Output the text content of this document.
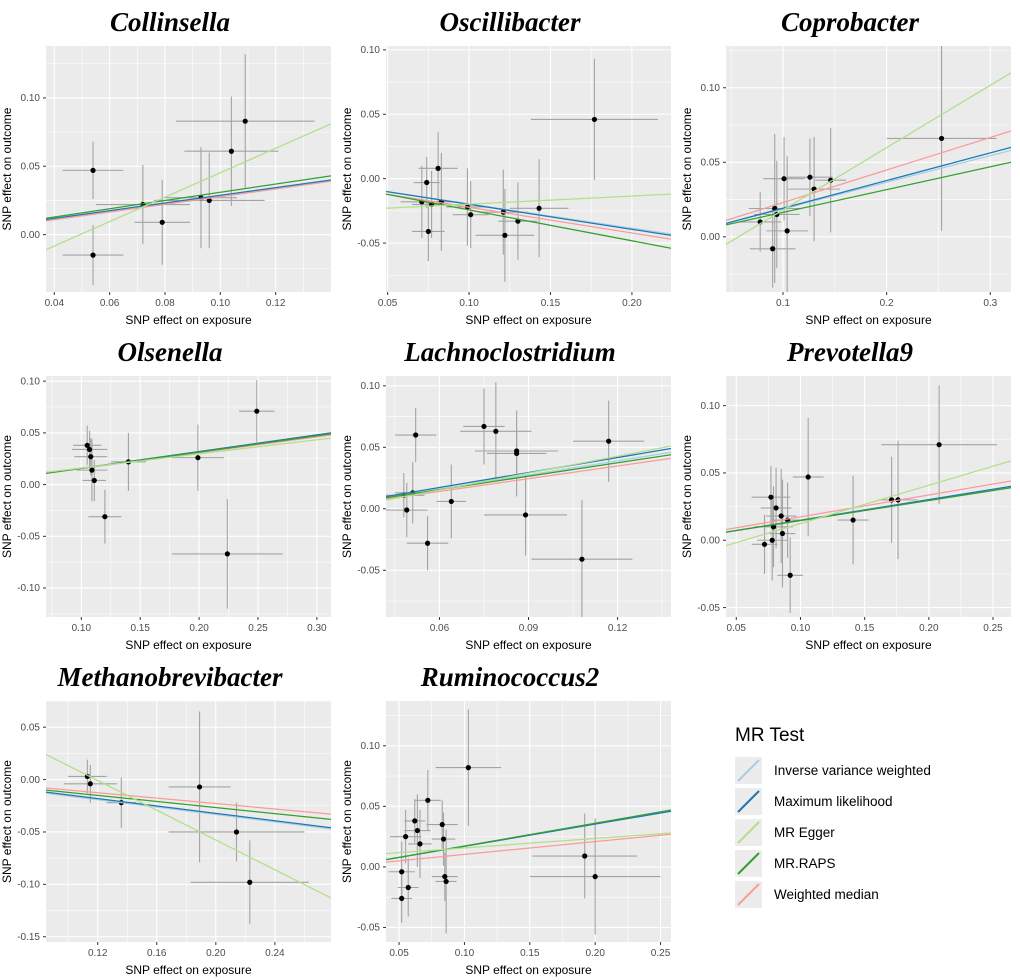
Collinsella
0.04	0.06	0.08	0.10	0.12
0.00
0.05
0.10
SNP effect on exposure
SNP effect on outcome
Oscillibacter
0.05	0.10	0.15	0.20
-0.05
0.00
0.05
0.10
SNP effect on exposure
SNP effect on outcome
Coprobacter
0.1	0.2	0.3
0.00
0.05
0.10
SNP effect on exposure
SNP effect on outcome
Olsenella
0.10	0.15	0.20	0.25	0.30
-0.10
-0.05
0.00
0.05
0.10
SNP effect on exposure
SNP effect on outcome
Lachnoclostridium
0.06	0.09	0.12
-0.05
0.00
0.05
0.10
SNP effect on exposure
SNP effect on outcome
Prevotella9
0.05	0.10	0.15	0.20	0.25
-0.05
0.00
0.05
0.10
SNP effect on exposure
SNP effect on outcome
Methanobrevibacter
0.12	0.16	0.20	0.24
-0.15
-0.10
-0.05
0.00
0.05
SNP effect on exposure
SNP effect on outcome
Ruminococcus2
0.05	0.10	0.15	0.20	0.25
-0.05
0.00
0.05
0.10
SNP effect on exposure
SNP effect on outcome
MR Test
Inverse variance weighted
Maximum likelihood
MR Egger
MR.RAPS
Weighted median
